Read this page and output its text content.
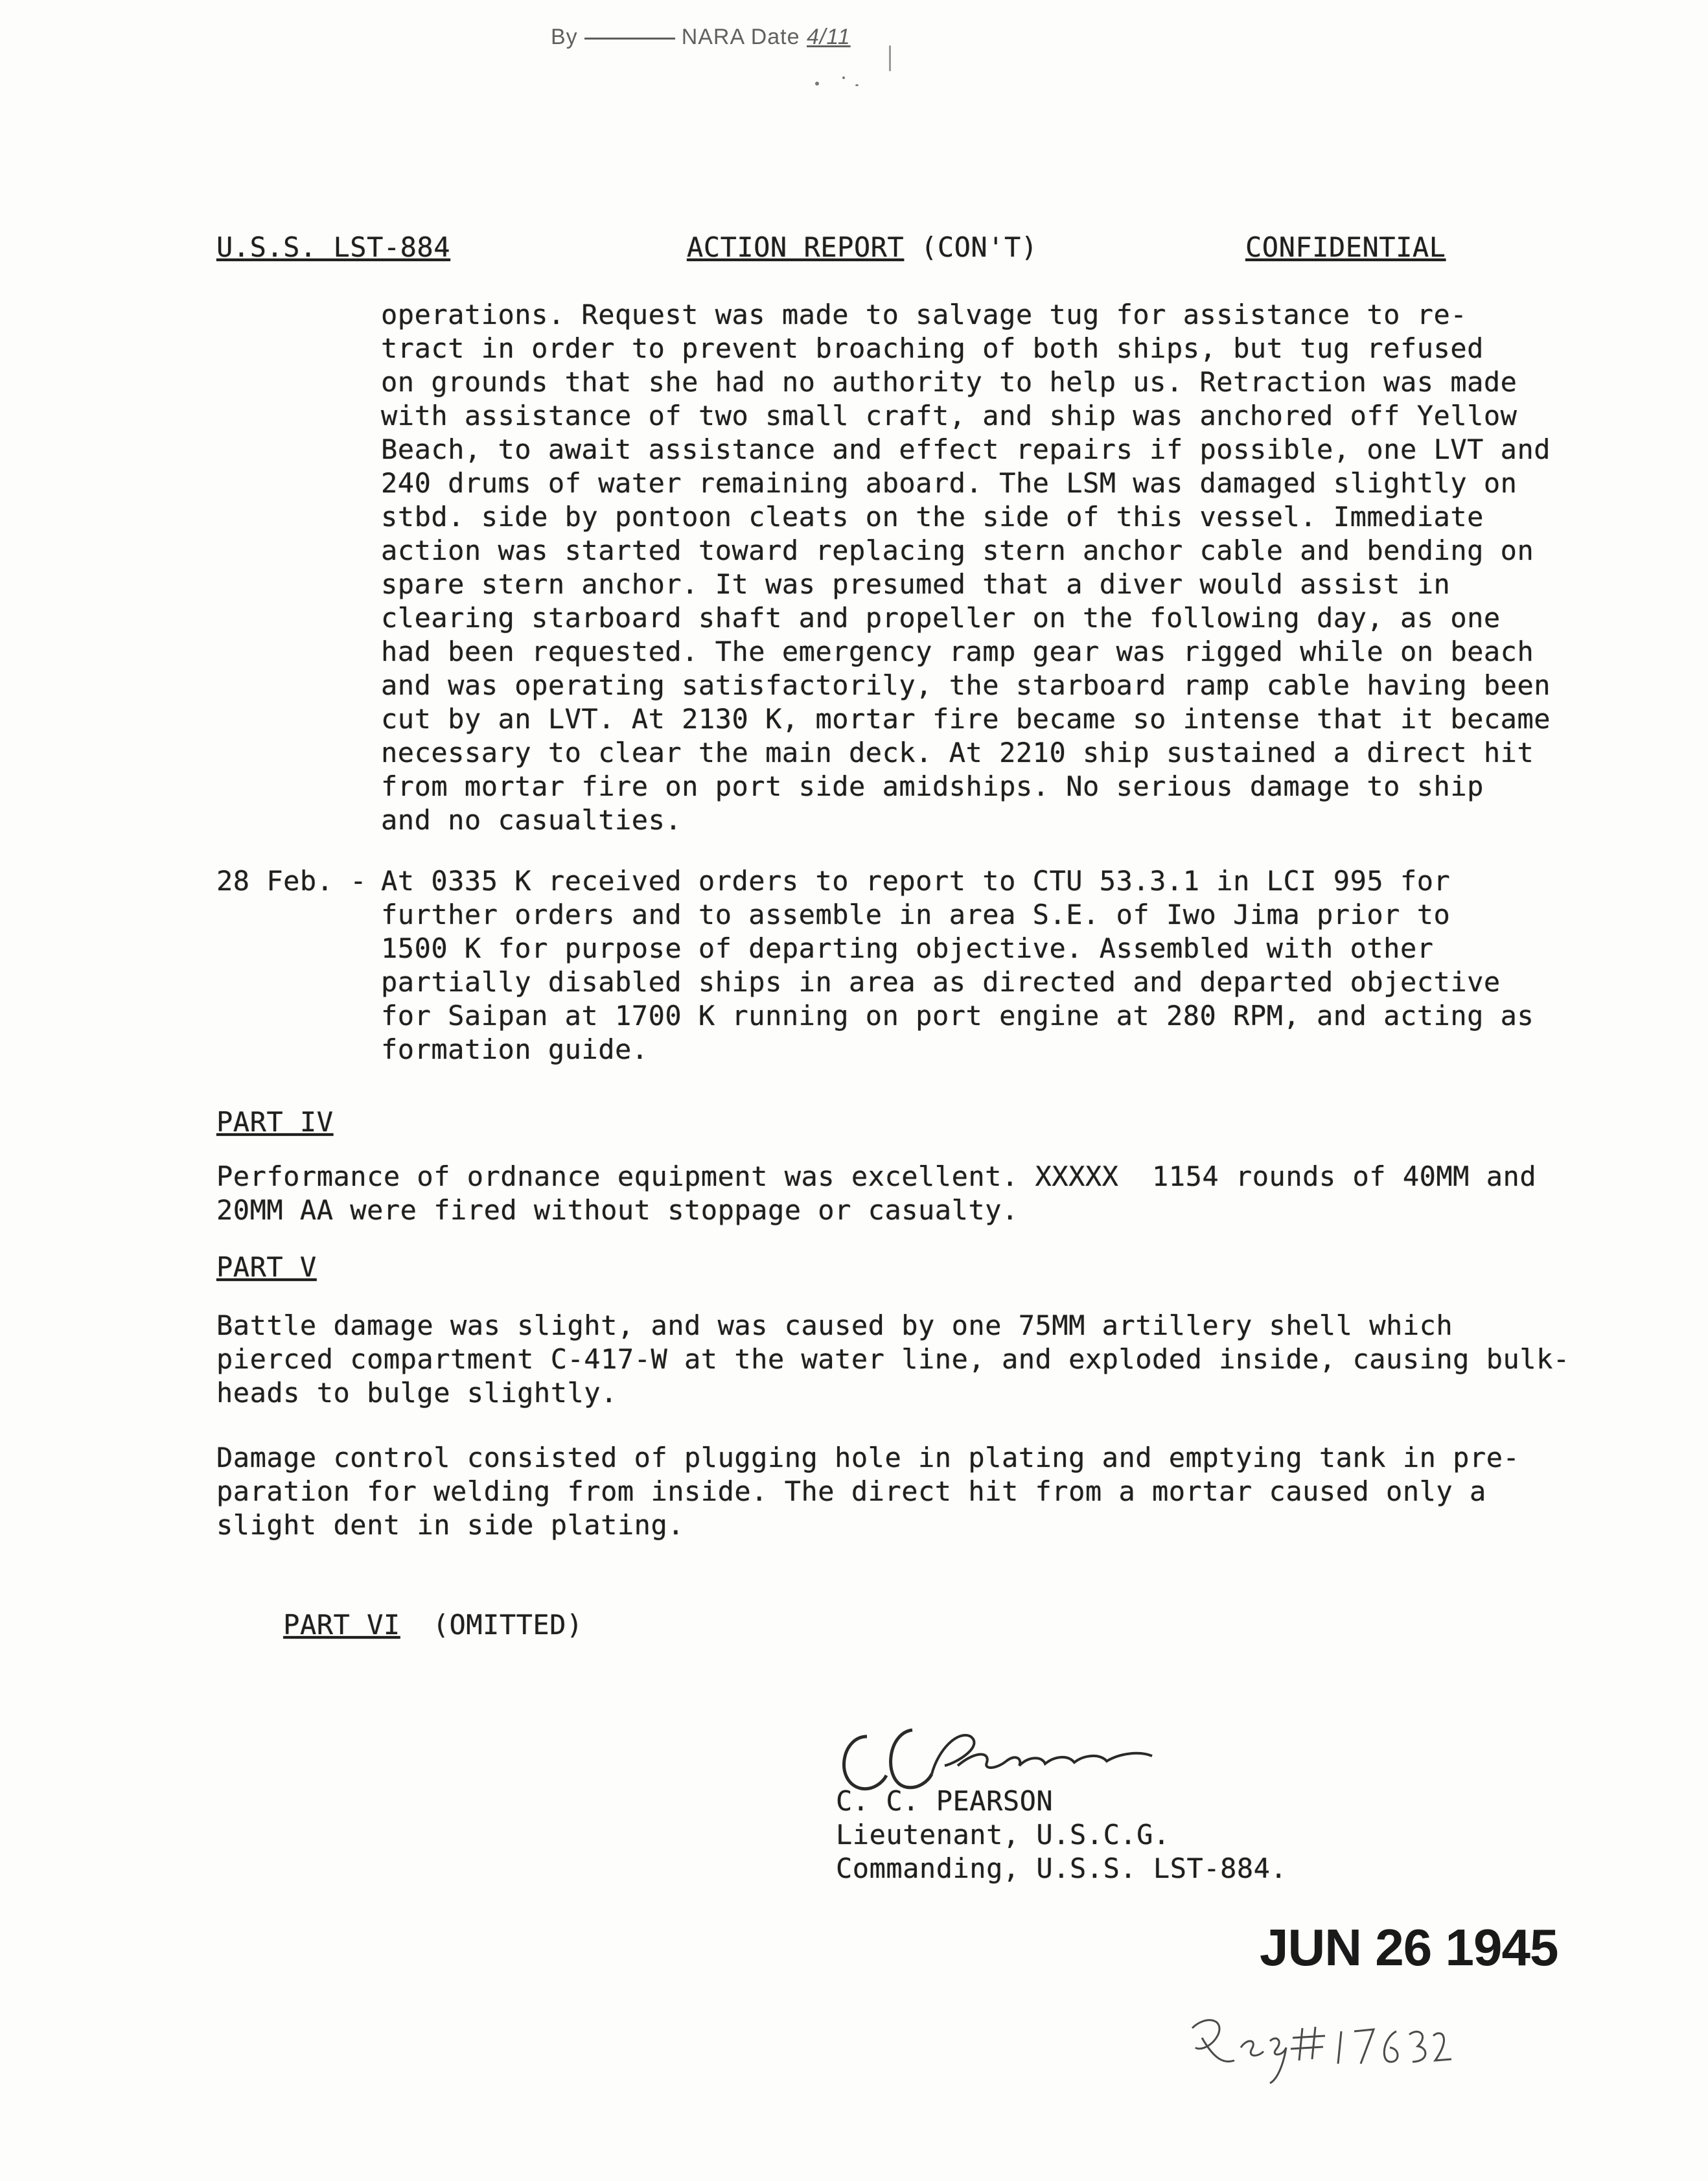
By	NARA Date 4/11
U.S.S. LST-884	ACTION REPORT (CON'T)	CONFIDENTIAL
operations. Request was made to salvage tug for assistance to re-
tract in order to prevent broaching of both ships, but tug refused
on grounds that she had no authority to help us. Retraction was made
with assistance of two small craft, and ship was anchored off Yellow
Beach, to await assistance and effect repairs if possible, one LVT and
240 drums of water remaining aboard. The LSM was damaged slightly on
stbd. side by pontoon cleats on the side of this vessel. Immediate
action was started toward replacing stern anchor cable and bending on
spare stern anchor. It was presumed that a diver would assist in
clearing starboard shaft and propeller on the following day, as one
had been requested. The emergency ramp gear was rigged while on beach
and was operating satisfactorily, the starboard ramp cable having been
cut by an LVT. At 2130 K, mortar fire became so intense that it became
necessary to clear the main deck. At 2210 ship sustained a direct hit
from mortar fire on port side amidships. No serious damage to ship
and no casualties.
28 Feb. - At 0335 K received orders to report to CTU 53.3.1 in LCI 995 for
further orders and to assemble in area S.E. of Iwo Jima prior to
1500 K for purpose of departing objective. Assembled with other
partially disabled ships in area as directed and departed objective
for Saipan at 1700 K running on port engine at 280 RPM, and acting as
formation guide.
PART IV
Performance of ordnance equipment was excellent. XXXXX  1154 rounds of 40MM and
20MM AA were fired without stoppage or casualty.
PART V
Battle damage was slight, and was caused by one 75MM artillery shell which
pierced compartment C-417-W at the water line, and exploded inside, causing bulk-
heads to bulge slightly.
Damage control consisted of plugging hole in plating and emptying tank in pre-
paration for welding from inside. The direct hit from a mortar caused only a
slight dent in side plating.

PART VI (OMITTED)

C. C. PEARSON
Lieutenant, U.S.C.G.
Commanding, U.S.S. LST-884.
JUN 26 1945
